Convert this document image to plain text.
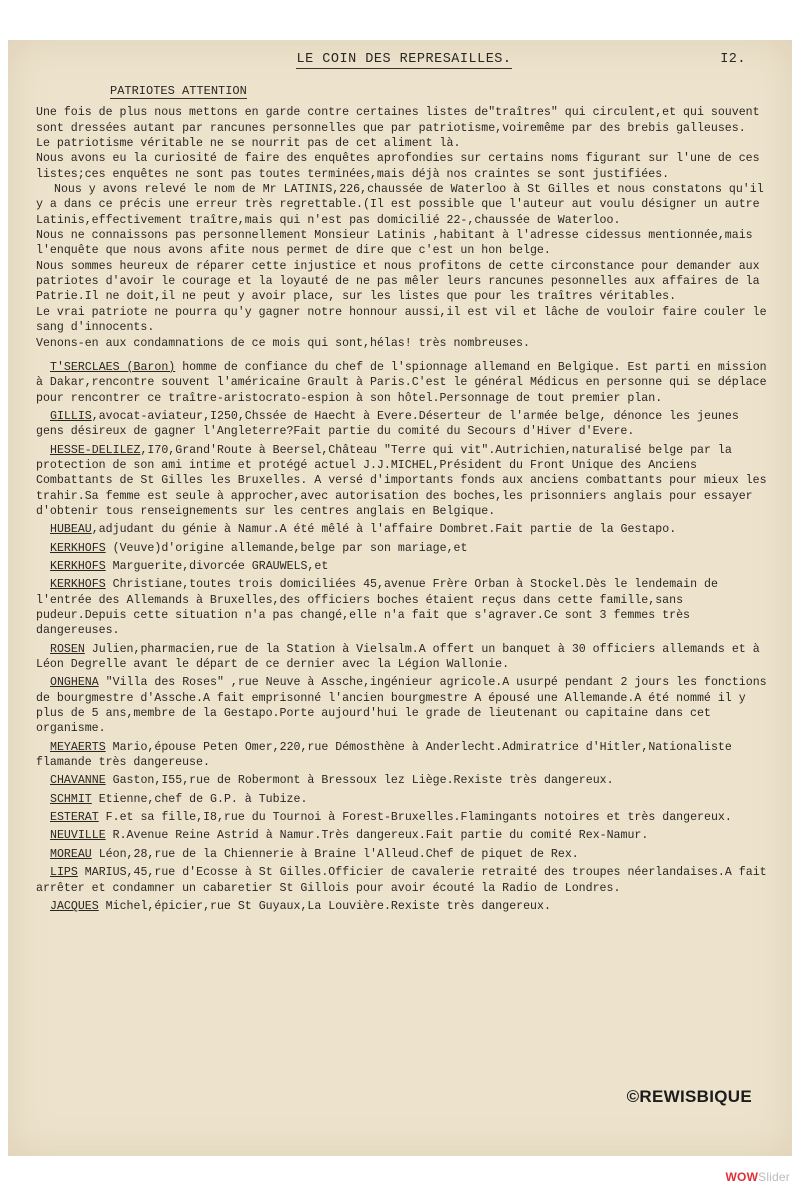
LE COIN DES REPRESAILLES.	I2.
PATRIOTES ATTENTION

Une fois de plus nous mettons en garde contre certaines listes de"traîtres" qui circulent,et qui souvent sont dressées autant par rancunes personnelles que par patriotisme,voiremême par des brebis galleuses.

Le patriotisme véritable ne se nourrit pas de cet aliment là.

Nous avons eu la curiosité de faire des enquêtes aprofondies sur certains noms figurant sur l'une de ces listes;ces enquêtes ne sont pas toutes terminées,mais déjà nos craintes se sont justifiées.

Nous y avons relevé le nom de Mr LATINIS,226,chaussée de Waterloo à St Gilles et nous constatons qu'il y a dans ce précis une erreur très regrettable.(Il est possible que l'auteur aut voulu désigner un autre Latinis,effectivement traître,mais qui n'est pas domicilié 22-,chaussée de Waterloo.

Nous ne connaissons pas personnellement Monsieur Latinis ,habitant à l'adresse cidessus mentionnée,mais l'enquête que nous avons afite nous permet de dire que c'est un hon belge.

Nous sommes heureux de réparer cette injustice et nous profitons de cette circonstance pour demander aux patriotes d'avoir le courage et la loyauté de ne pas mêler leurs rancunes pesonnelles aux affaires de la Patrie.Il ne doit,il ne peut y avoir place, sur les listes que pour les traîtres véritables.

Le vrai patriote ne pourra qu'y gagner notre honnour aussi,il est vil et lâche de vouloir faire couler le sang d'innocents.

Venons-en aux condamnations de ce mois qui sont,hélas! très nombreuses.

T'SERCLAES (Baron) homme de confiance du chef de l'spionnage allemand en Belgique. Est parti en mission à Dakar,rencontre souvent l'américaine Grault à Paris.C'est le général Médicus en personne qui se déplace pour rencontrer ce traître-aristocrato-espion à son hôtel.Personnage de tout premier plan.

GILLIS,avocat-aviateur,I250,Chssée de Haecht à Evere.Déserteur de l'armée belge, dénonce les jeunes gens désireux de gagner l'Angleterre?Fait partie du comité du Secours d'Hiver d'Evere.

HESSE-DELILEZ,I70,Grand'Route à Beersel,Château "Terre qui vit".Autrichien,naturalisé belge par la protection de son ami intime et protégé actuel J.J.MICHEL,Président du Front Unique des Anciens Combattants de St Gilles les Bruxelles. A versé d'importants fonds aux anciens combattants pour mieux les trahir.Sa femme est seule à approcher,avec autorisation des boches,les prisonniers anglais pour essayer d'obtenir tous renseignements sur les centres anglais en Belgique.

HUBEAU,adjudant du génie à Namur.A été mêlé à l'affaire Dombret.Fait partie de la Gestapo.

KERKHOFS (Veuve)d'origine allemande,belge par son mariage,et

KERKHOFS Marguerite,divorcée GRAUWELS,et

KERKHOFS Christiane,toutes trois domiciliées 45,avenue Frère Orban à Stockel.Dès le lendemain de l'entrée des Allemands à Bruxelles,des officiers boches étaient reçus dans cette famille,sans pudeur.Depuis cette situation n'a pas changé,elle n'a fait que s'agraver.Ce sont 3 femmes très dangereuses.

ROSEN Julien,pharmacien,rue de la Station à Vielsalm.A offert un banquet à 30 officiers allemands et à Léon Degrelle avant le départ de ce dernier avec la Légion Wallonie.

ONGHENA "Villa des Roses" ,rue Neuve à Assche,ingénieur agricole.A usurpé pendant 2 jours les fonctions de bourgmestre d'Assche.A fait emprisonné l'ancien bourgmestre A épousé une Allemande.A été nommé il y plus de 5 ans,membre de la Gestapo.Porte aujourd'hui le grade de lieutenant ou capitaine dans cet organisme.

MEYAERTS Mario,épouse Peten Omer,220,rue Démosthène à Anderlecht.Admiratrice d'Hitler,Nationaliste flamande très dangereuse.

CHAVANNE Gaston,I55,rue de Robermont à Bressoux lez Liège.Rexiste très dangereux.

SCHMIT Etienne,chef de G.P. à Tubize.

ESTERAT F.et sa fille,I8,rue du Tournoi à Forest-Bruxelles.Flamingants notoires et très dangereux.

NEUVILLE R.Avenue Reine Astrid à Namur.Très dangereux.Fait partie du comité Rex-Namur.

MOREAU Léon,28,rue de la Chiennerie à Braine l'Alleud.Chef de piquet de Rex.

LIPS MARIUS,45,rue d'Ecosse à St Gilles.Officier de cavalerie retraité des troupes néerlandaises.A fait arrêter et condamner un cabaretier St Gillois pour avoir écouté la Radio de Londres.

JACQUES Michel,épicier,rue St Guyaux,La Louvière.Rexiste très dangereux.

©REWISBIQUE
WOWSlider
